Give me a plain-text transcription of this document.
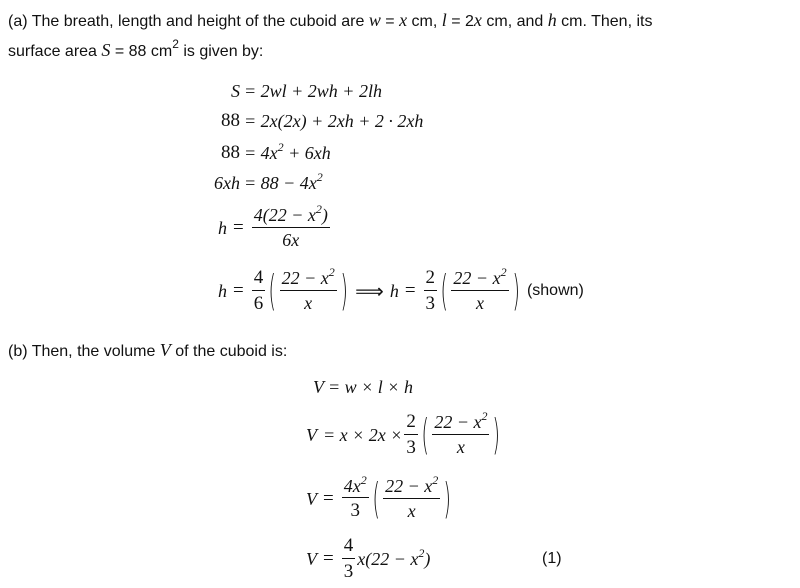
(a) The breath, length and height of the cuboid are w = x cm, l = 2x cm, and h cm. Then, its
surface area S = 88 $cm^2$ is given by:
S = 2wl + 2wh + 2lh
88 = 2x(2x) + 2xh + 2 · 2xh
$88 = 4x^2 + 6xh$
$6xh = 88 - 4x^2$
$h = \frac{4(22 - x^2)}{6x}$
$h = \frac{4}{6}$ ( $\frac{22 - x^2}{x}$ ) ⟹ $h = \frac{2}{3}$ ( $\frac{22 - x^2}{x}$ ) (shown)
(b) Then, the volume V of the cuboid is:
V = w × l × h
$V = x \times 2x \times \frac{2}{3}$ ( $\frac{22 - x^2}{x}$ )
$V = \frac{4x^2}{3}$ ( $\frac{22 - x^2}{x}$ )
$V = \frac{4}{3} x(22 - x^2)$	(1)
